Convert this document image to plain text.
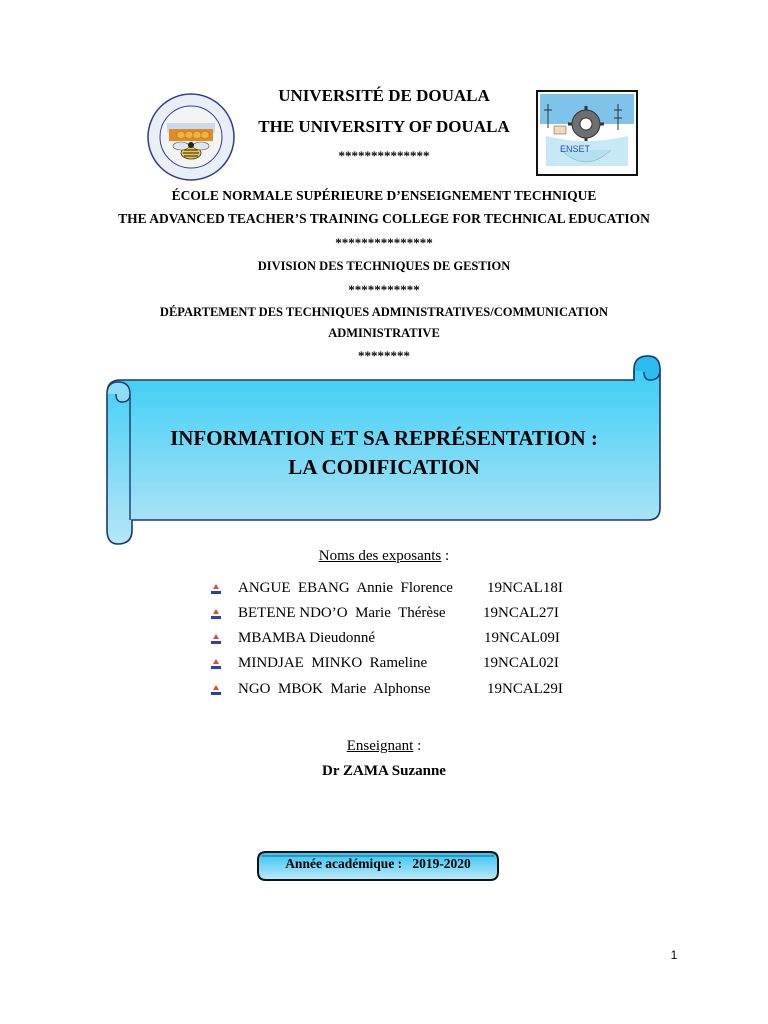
ENSET
UNIVERSITÉ DE DOUALA
THE UNIVERSITY OF DOUALA
**************
ÉCOLE NORMALE SUPÉRIEURE D’ENSEIGNEMENT TECHNIQUE
THE ADVANCED TEACHER’S TRAINING COLLEGE FOR TECHNICAL EDUCATION
***************
DIVISION DES TECHNIQUES DE GESTION
***********
DÉPARTEMENT DES TECHNIQUES ADMINISTRATIVES/COMMUNICATION
ADMINISTRATIVE
********
INFORMATION ET SA REPRÉSENTATION :
LA CODIFICATION
Noms des exposants :
ANGUE  EBANG  Annie  Florence 19NCAL18I
BETENE NDO’O  Marie  Thérèse 19NCAL27I
MBAMBA Dieudonné	19NCAL09I
MINDJAE  MINKO  Rameline	19NCAL02I
NGO  MBOK  Marie  Alphonse	19NCAL29I
Enseignant :
Dr ZAMA Suzanne
Année académique : 2019-2020
1
